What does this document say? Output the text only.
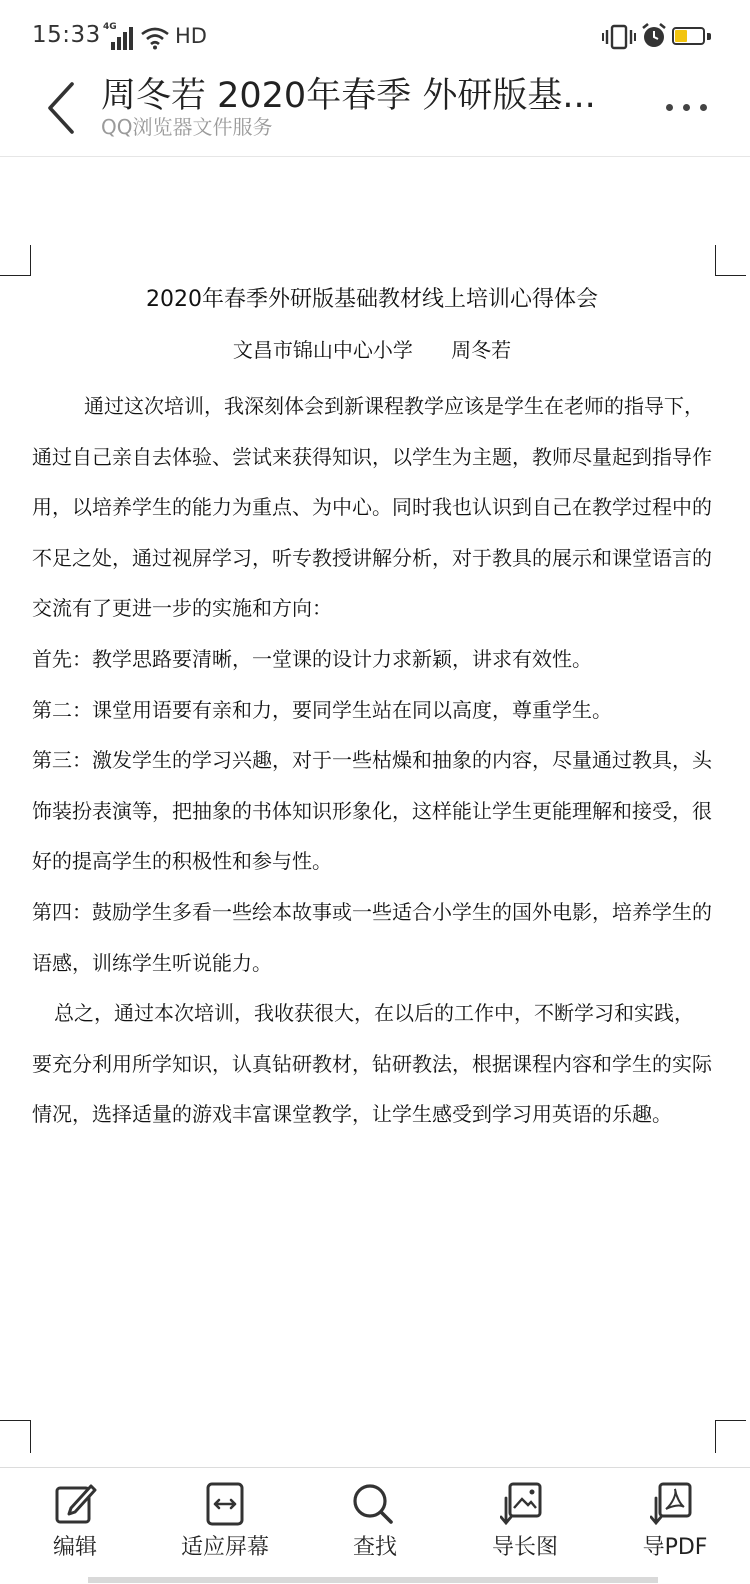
15:33 4G	HD
周冬若 2020年春季 外研版基...
QQ浏览器文件服务
2020年春季外研版基础教材线上培训心得体会
文昌市锦山中心小学      周冬若

通过这次培训，我深刻体会到新课程教学应该是学生在老师的指导下，通过自己亲自去体验、尝试来获得知识，以学生为主题，教师尽量起到指导作用，以培养学生的能力为重点、为中心。同时我也认识到自己在教学过程中的不足之处，通过视屏学习，听专教授讲解分析，对于教具的展示和课堂语言的交流有了更进一步的实施和方向：

首先：教学思路要清晰，一堂课的设计力求新颖，讲求有效性。

第二：课堂用语要有亲和力，要同学生站在同以高度，尊重学生。

第三：激发学生的学习兴趣，对于一些枯燥和抽象的内容，尽量通过教具，头饰装扮表演等，把抽象的书体知识形象化，这样能让学生更能理解和接受，很好的提高学生的积极性和参与性。

第四：鼓励学生多看一些绘本故事或一些适合小学生的国外电影，培养学生的语感，训练学生听说能力。

总之，通过本次培训，我收获很大，在以后的工作中，不断学习和实践，要充分利用所学知识，认真钻研教材，钻研教法，根据课程内容和学生的实际情况，选择适量的游戏丰富课堂教学，让学生感受到学习用英语的乐趣。

编辑	适应屏幕	查找	导长图	导PDF
